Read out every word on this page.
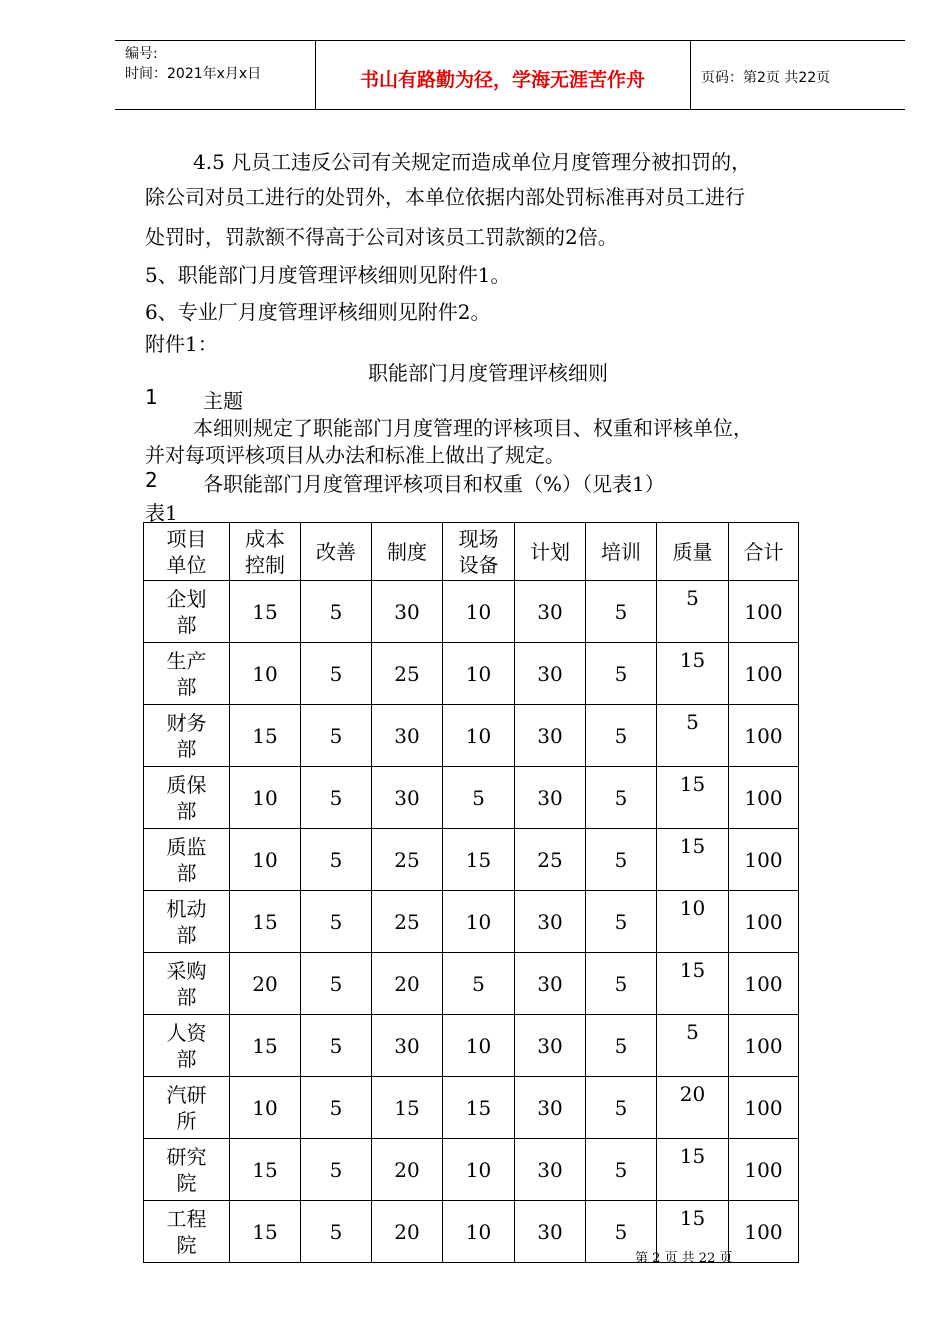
编号:
时间：2021年x月x日	书山有路勤为径，学海无涯苦作舟	页码：第2页 共22页
4.5 凡员工违反公司有关规定而造成单位月度管理分被扣罚的，
除公司对员工进行的处罚外，本单位依据内部处罚标准再对员工进行
处罚时，罚款额不得高于公司对该员工罚款额的2倍。
5、职能部门月度管理评核细则见附件1。
6、专业厂月度管理评核细则见附件2。
附件1：
职能部门月度管理评核细则
1 主题
本细则规定了职能部门月度管理的评核项目、权重和评核单位，
并对每项评核项目从办法和标准上做出了规定。
2 各职能部门月度管理评核项目和权重（%）（见表1）
表1
项目
单位	成本
控制	改善	制度	现场
设备	计划	培训	质量	合计
企划
部	15	5	30	10	30	5	5	100
生产
部	10	5	25	10	30	5	15	100
财务
部	15	5	30	10	30	5	5	100
质保
部	10	5	30	5	30	5	15	100
质监
部	10	5	25	15	25	5	15	100
机动
部	15	5	25	10	30	5	10	100
采购
部	20	5	20	5	30	5	15	100
人资
部	15	5	30	10	30	5	5	100
汽研
所	10	5	15	15	30	5	20	100
研究
院	15	5	20	10	30	5	15	100
工程
院	15	5	20	10	30	5	15	100
第 2 页 共 22 页
